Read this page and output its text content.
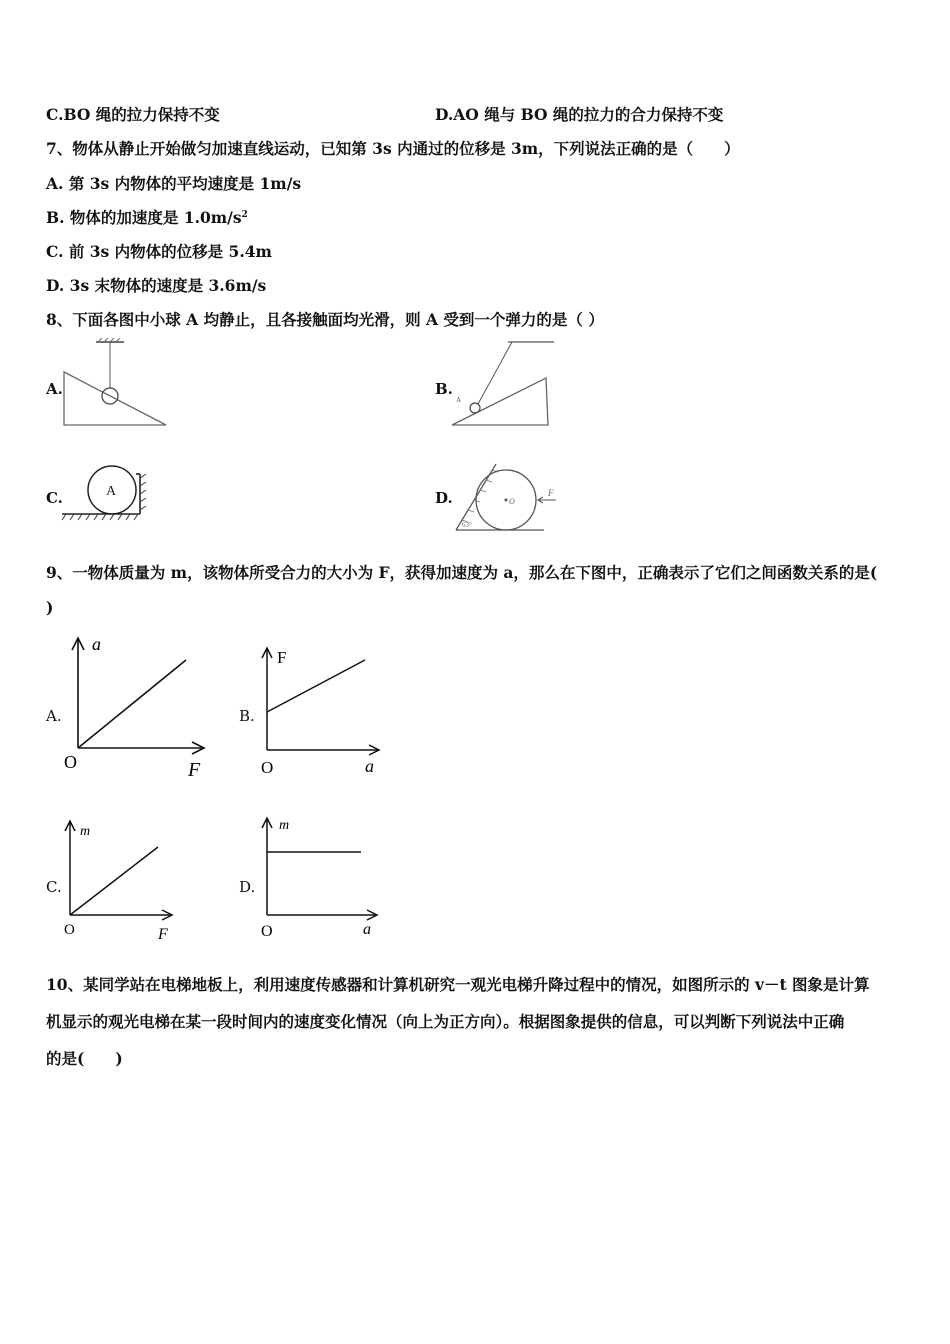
C.BO 绳的拉力保持不变	D.AO 绳与 BO 绳的拉力的合力保持不变
7、物体从静止开始做匀加速直线运动，已知第 3s 内通过的位移是 3m，下列说法正确的是（　　）
A. 第 3s 内物体的平均速度是 1m/s
B. 物体的加速度是 $1.0m/s^2$
C. 前 3s 内物体的位移是 5.4m
D. 3s 末物体的速度是 3.6m/s
8、下面各图中小球 A 均静止，且各接触面均光滑，则 A 受到一个弹力的是（ ）
A.	B.
A
C.	A	D.	O
F
63°
9、一物体质量为 m，该物体所受合力的大小为 F，获得加速度为 a，那么在下图中，正确表示了它们之间函数关系的是(
)
A.
a
F
O
B.
F
a
O
C.
m
F
O
D.
m
a
O
10、某同学站在电梯地板上，利用速度传感器和计算机研究一观光电梯升降过程中的情况，如图所示的 v－t 图象是计算
机显示的观光电梯在某一段时间内的速度变化情况（向上为正方向）。根据图象提供的信息，可以判断下列说法中正确
的是(　　)
